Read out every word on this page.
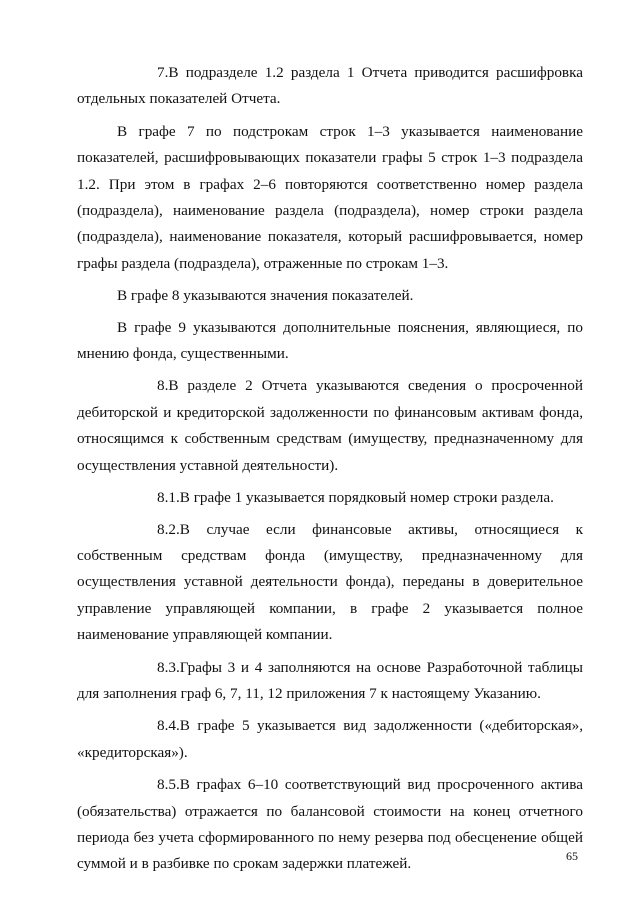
7.В подразделе 1.2 раздела 1 Отчета приводится расшифровка отдельных показателей Отчета.

В графе 7 по подстрокам строк 1–3 указывается наименование показателей, расшифровывающих показатели графы 5 строк 1–3 подраздела 1.2. При этом в графах 2–6 повторяются соответственно номер раздела (подраздела), наименование раздела (подраздела), номер строки раздела (подраздела), наименование показателя, который расшифровывается, номер графы раздела (подраздела), отраженные по строкам 1–3.

В графе 8 указываются значения показателей.

В графе 9 указываются дополнительные пояснения, являющиеся, по мнению фонда, существенными.

8.В разделе 2 Отчета указываются сведения о просроченной дебиторской и кредиторской задолженности по финансовым активам фонда, относящимся к собственным средствам (имуществу, предназначенному для осуществления уставной деятельности).

8.1.В графе 1 указывается порядковый номер строки раздела.

8.2.В случае если финансовые активы, относящиеся к собственным средствам фонда (имуществу, предназначенному для осуществления уставной деятельности фонда), переданы в доверительное управление управляющей компании, в графе 2 указывается полное наименование управляющей компании.

8.3.Графы 3 и 4 заполняются на основе Разработочной таблицы для заполнения граф 6, 7, 11, 12 приложения 7 к настоящему Указанию.

8.4.В графе 5 указывается вид задолженности («дебиторская», «кредиторская»).

8.5.В графах 6–10 соответствующий вид просроченного актива (обязательства) отражается по балансовой стоимости на конец отчетного периода без учета сформированного по нему резерва под обесценение общей суммой и в разбивке по срокам задержки платежей.	65
